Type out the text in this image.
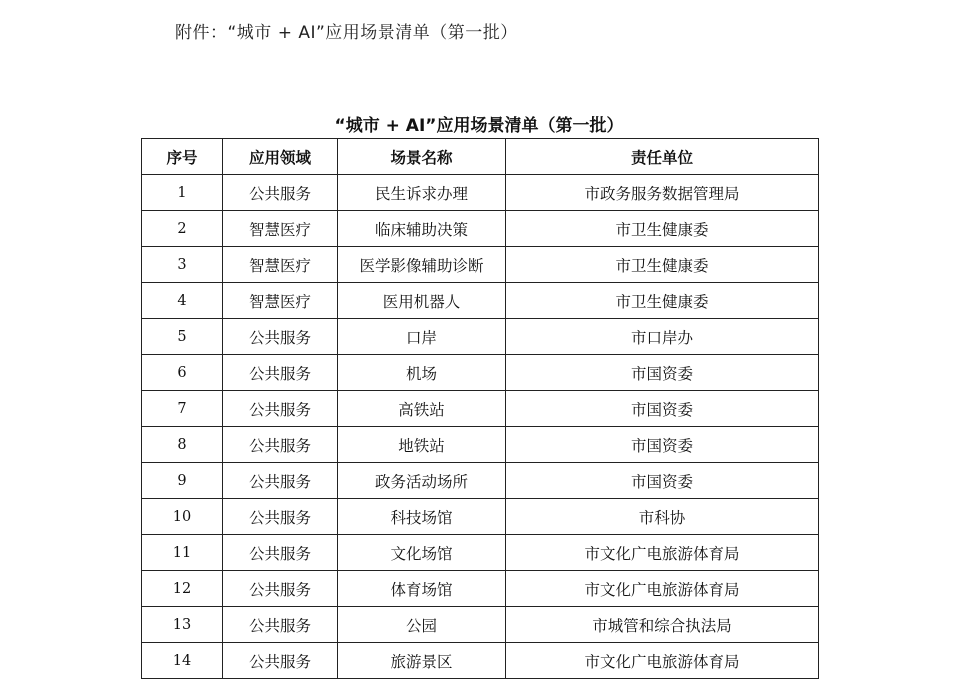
附件：“城市 + AI”应用场景清单（第一批）
“城市 + AI”应用场景清单（第一批）
序号	应用领域	场景名称	责任单位
1	公共服务	民生诉求办理	市政务服务数据管理局
2	智慧医疗	临床辅助决策	市卫生健康委
3	智慧医疗	医学影像辅助诊断	市卫生健康委
4	智慧医疗	医用机器人	市卫生健康委
5	公共服务	口岸	市口岸办
6	公共服务	机场	市国资委
7	公共服务	高铁站	市国资委
8	公共服务	地铁站	市国资委
9	公共服务	政务活动场所	市国资委
10	公共服务	科技场馆	市科协
11	公共服务	文化场馆	市文化广电旅游体育局
12	公共服务	体育场馆	市文化广电旅游体育局
13	公共服务	公园	市城管和综合执法局
14	公共服务	旅游景区	市文化广电旅游体育局
